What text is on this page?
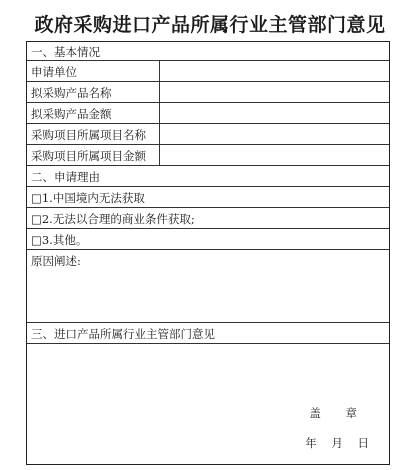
政府采购进口产品所属行业主管部门意见
一、基本情况
申请单位
拟采购产品名称
拟采购产品金额
采购项目所属项目名称
采购项目所属项目金额
二、申请理由
□1.中国境内无法获取
□2.无法以合理的商业条件获取;
□3.其他。
原因阐述:
三、进口产品所属行业主管部门意见
盖    章
年    月    日
